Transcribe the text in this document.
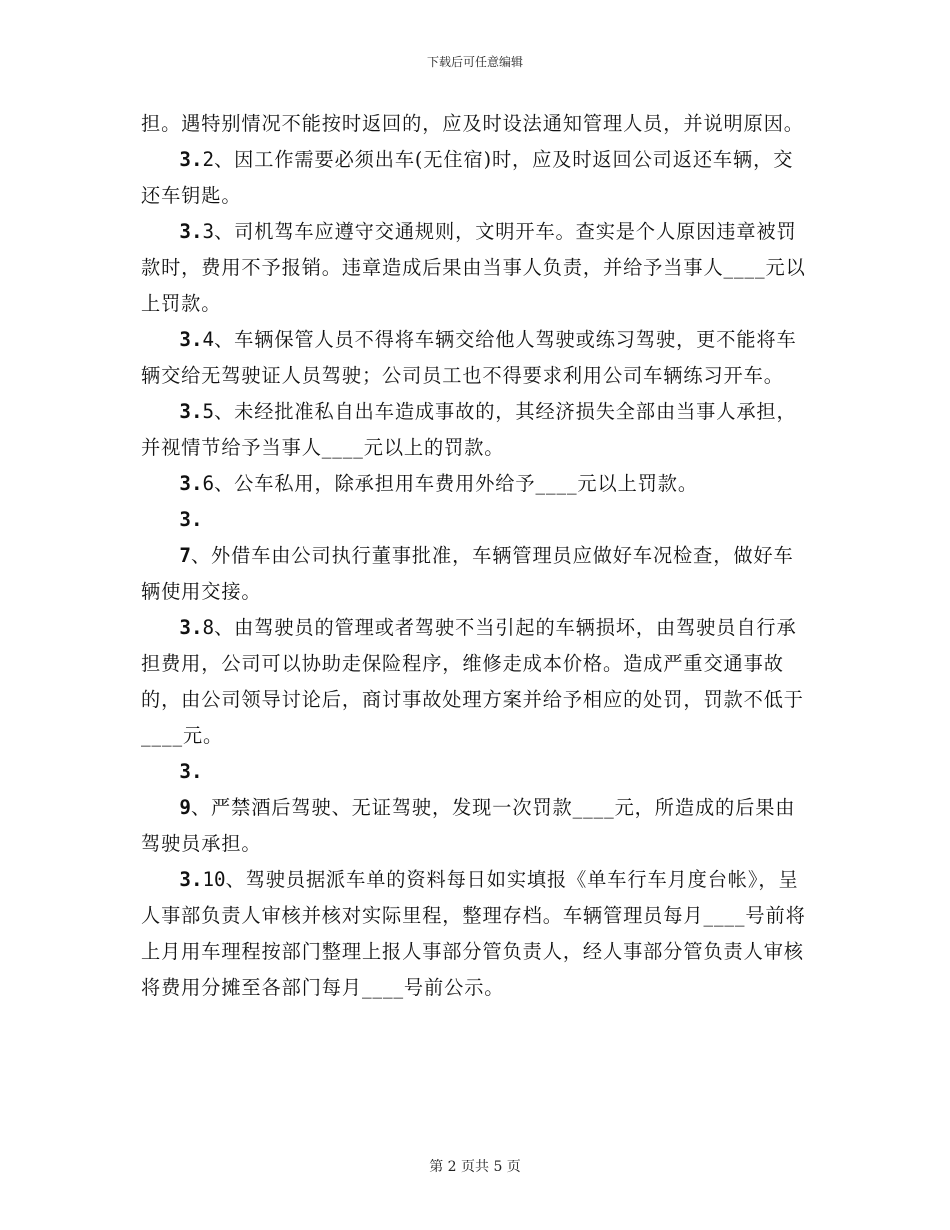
下载后可任意编辑

担。遇特别情况不能按时返回的，应及时设法通知管理人员，并说明原因。

3.2、因工作需要必须出车(无住宿)时，应及时返回公司返还车辆，交还车钥匙。

3.3、司机驾车应遵守交通规则，文明开车。查实是个人原因违章被罚款时，费用不予报销。违章造成后果由当事人负责，并给予当事人____元以上罚款。

3.4、车辆保管人员不得将车辆交给他人驾驶或练习驾驶，更不能将车辆交给无驾驶证人员驾驶；公司员工也不得要求利用公司车辆练习开车。

3.5、未经批准私自出车造成事故的，其经济损失全部由当事人承担，并视情节给予当事人____元以上的罚款。

3.6、公车私用，除承担用车费用外给予____元以上罚款。

3.

7、外借车由公司执行董事批准，车辆管理员应做好车况检查，做好车辆使用交接。

3.8、由驾驶员的管理或者驾驶不当引起的车辆损坏，由驾驶员自行承担费用，公司可以协助走保险程序，维修走成本价格。造成严重交通事故的，由公司领导讨论后，商讨事故处理方案并给予相应的处罚，罚款不低于____元。

3.

9、严禁酒后驾驶、无证驾驶，发现一次罚款____元，所造成的后果由驾驶员承担。

3.10、驾驶员据派车单的资料每日如实填报《单车行车月度台帐》，呈人事部负责人审核并核对实际里程，整理存档。车辆管理员每月____号前将上月用车理程按部门整理上报人事部分管负责人，经人事部分管负责人审核将费用分摊至各部门每月____号前公示。

第 2 页共 5 页
